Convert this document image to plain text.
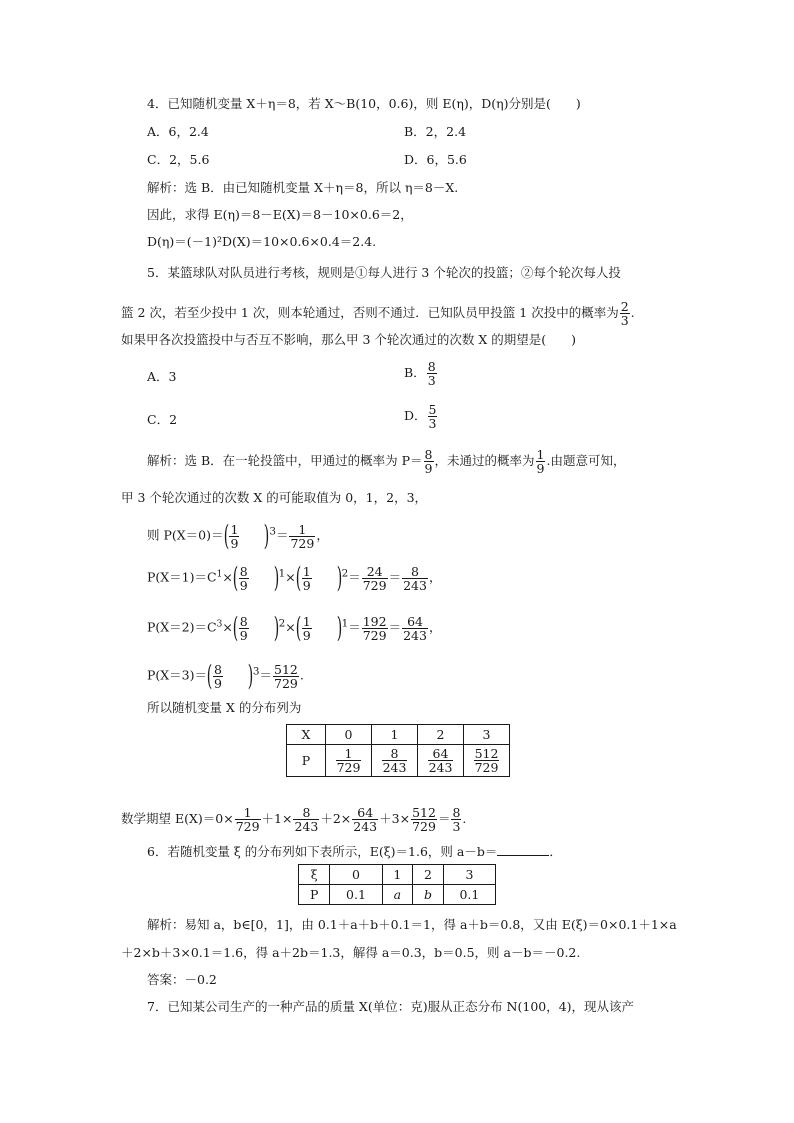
4．已知随机变量 X＋η＝8，若 X～B(10，0.6)，则 E(η)，D(η)分别是(　　)
A．6，2.4	B．2，2.4
C．2，5.6	D．6，5.6
解析：选 B．由已知随机变量 X＋η＝8，所以 η＝8－X.
因此，求得 E(η)＝8－E(X)＝8－10×0.6＝2，
D(η)＝(－1)²D(X)＝10×0.6×0.4＝2.4.
5．某篮球队对队员进行考核，规则是①每人进行 3 个轮次的投篮；②每个轮次每人投
篮 2 次，若至少投中 1 次，则本轮通过，否则不通过．已知队员甲投篮 1 次投中的概率为 $\frac{2}{3}$ .
如果甲各次投篮投中与否互不影响，那么甲 3 个轮次通过的次数 X 的期望是(　　)
A．3	B． $\frac{8}{3}$
C．2	D． $\frac{5}{3}$
解析：选 B．在一轮投篮中，甲通过的概率为 $P= \frac{8}{9}$ ，未通过的概率为 $\frac{1}{9}$ .由题意可知，
甲 3 个轮次通过的次数 X 的可能取值为 0，1，2，3，
则 $P(X=0)=( \frac{1}{9} )^3= \frac{1}{729}$ ，
$P(X=1)=C^1\times( \frac{8}{9} )^1\times( \frac{1}{9} )^2= \frac{24}{729} = \frac{8}{243}$ ，
$P(X=2)=C^3\times( \frac{8}{9} )^2\times( \frac{1}{9} )^1= \frac{192}{729} = \frac{64}{243}$ ，
$P(X=3)=( \frac{8}{9} )^3= \frac{512}{729}$ .
所以随机变量 X 的分布列为
X	0	1	2	3
P	$\frac{1}{729}$	$\frac{8}{243}$	$\frac{64}{243}$	$\frac{512}{729}$
数学期望 $E(X)=0\times \frac{1}{729} +1\times \frac{8}{243} +2\times \frac{64}{243} +3\times \frac{512}{729} = \frac{8}{3}$ .
6．若随机变量 ξ 的分布列如下表所示，E(ξ)＝1.6，则 a－b＝	．
ξ	0	1	2	3
P	0.1	a	b	0.1
解析：易知 a，b∈[0，1]，由 0.1＋a＋b＋0.1＝1，得 a＋b＝0.8，又由 E(ξ)＝0×0.1＋1×a
＋2×b＋3×0.1＝1.6，得 a＋2b＝1.3，解得 a＝0.3，b＝0.5，则 a－b＝－0.2.
答案：－0.2
7．已知某公司生产的一种产品的质量 X(单位：克)服从正态分布 N(100，4)，现从该产
